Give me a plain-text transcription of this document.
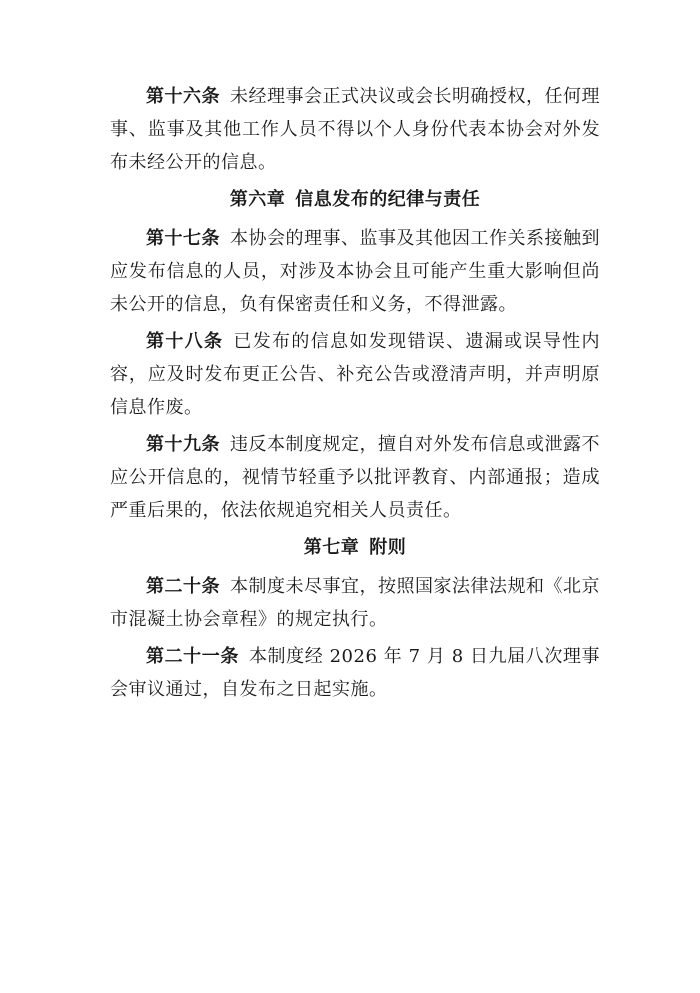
第十六条 未经理事会正式决议或会长明确授权，任何理事、监事及其他工作人员不得以个人身份代表本协会对外发布未经公开的信息。

第六章 信息发布的纪律与责任

第十七条 本协会的理事、监事及其他因工作关系接触到应发布信息的人员，对涉及本协会且可能产生重大影响但尚未公开的信息，负有保密责任和义务，不得泄露。

第十八条 已发布的信息如发现错误、遗漏或误导性内容，应及时发布更正公告、补充公告或澄清声明，并声明原信息作废。

第十九条 违反本制度规定，擅自对外发布信息或泄露不应公开信息的，视情节轻重予以批评教育、内部通报；造成严重后果的，依法依规追究相关人员责任。

第七章 附则

第二十条 本制度未尽事宜，按照国家法律法规和《北京市混凝土协会章程》的规定执行。

第二十一条 本制度经 2026 年 7 月 8 日九届八次理事会审议通过，自发布之日起实施。
